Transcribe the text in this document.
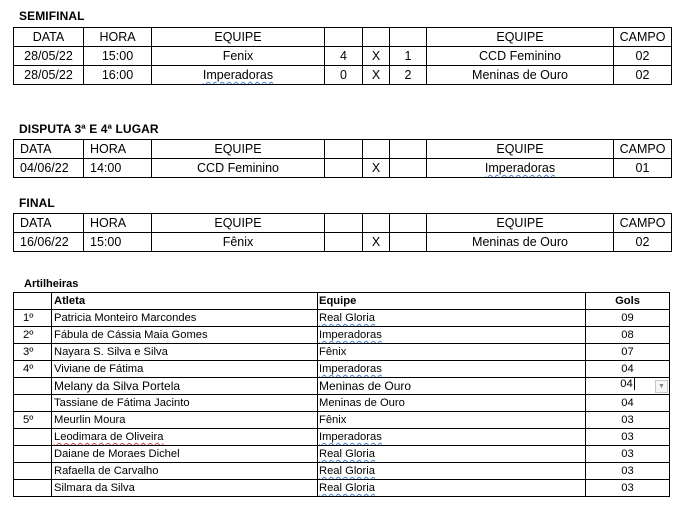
SEMIFINAL
DATA	HORA	EQUIPE				EQUIPE	CAMPO
28/05/22	15:00	Fenix	4	X	1	CCD Feminino	02
28/05/22	16:00	Imperadoras	0	X	2	Meninas de Ouro	02
DISPUTA 3ª E 4ª LUGAR
DATA	HORA	EQUIPE				EQUIPE	CAMPO
04/06/22	14:00	CCD Feminino		X		Imperadoras	01
FINAL
DATA	HORA	EQUIPE				EQUIPE	CAMPO
16/06/22	15:00	Fênix		X		Meninas de Ouro	02
Artilheiras
	Atleta	Equipe	Gols
1º	Patricia Monteiro Marcondes	Real Gloria	09
2º	Fábula de Cássia Maia Gomes	Imperadoras	08
3º	Nayara S. Silva e Silva	Fênix	07
4º	Viviane de Fátima	Imperadoras	04
	Melany da Silva Portela	Meninas de Ouro	04 ▼

	Tassiane de Fátima Jacinto	Meninas de Ouro	04
5º	Meurlin Moura	Fênix	03
	Leodimara de Oliveira	Imperadoras	03
	Daiane de Moraes Dichel	Real Gloria	03
	Rafaella de Carvalho	Real Gloria	03
	Silmara da Silva	Real Gloria	03
